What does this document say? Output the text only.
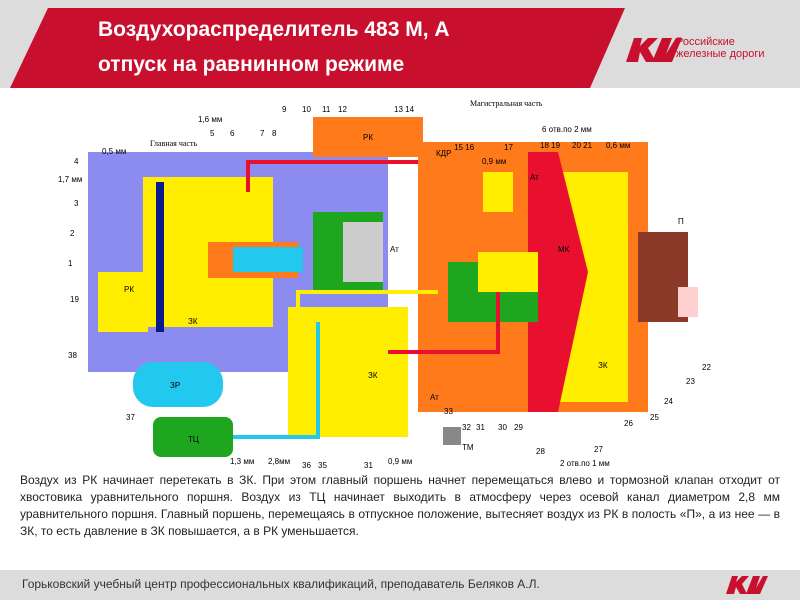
Воздухораспределитель 483 М, А
отпуск на равнинном режиме
Российские
железные дороги
Главная часть
Магистральная часть
РК
РК
ЗК
ЗК
ЗК
ЗР
ТЦ
МК
Ат
Ат
Ат
ТМ
КДР
П
1,6 мм
0,5 мм
1,7 мм
0,9 мм
6 отв.по 2 мм
0,6 мм
1,3 мм 2,8мм	0,9 мм	2 отв.по 1 мм
1
2
3
4
5 6	7 8
9 10 11 12	13 14
15 16	17	18 19 20 21
19
22
23
24
25
26
27
28
29
30
31
31
32
33
35
36
37
38
Воздух из РК начинает перетекать в ЗК. При этом главный поршень начнет перемещаться влево и тормозной клапан отходит от хвостовика уравнительного поршня. Воздух из ТЦ начинает выходить в атмосферу через осевой канал диаметром 2,8 мм уравнительного поршня. Главный поршень, перемещаясь в отпускное положение, вытесняет воздух из РК в полость «П», а из нее — в ЗК, то есть давление в ЗК повышается, а в РК уменьшается.
Горьковский учебный центр профессиональных квалификаций, преподаватель Беляков А.Л.
